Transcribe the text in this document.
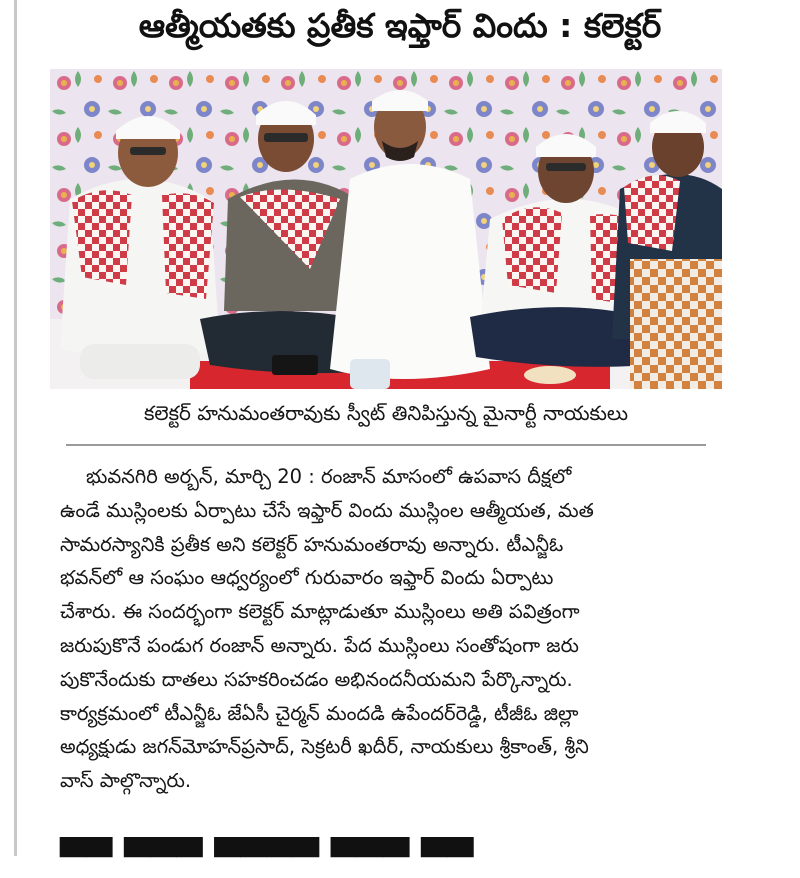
ఆత్మీయతకు ప్రతీక ఇఫ్తార్ విందు : కలెక్టర్
కలెక్టర్ హనుమంతరావుకు స్వీట్ తినిపిస్తున్న మైనార్టీ నాయకులు
భువనగిరి అర్బన్, మార్చి 20 : రంజాన్ మాసంలో ఉపవాస దీక్షలో
ఉండే ముస్లింలకు ఏర్పాటు చేసే ఇఫ్తార్ విందు ముస్లింల ఆత్మీయత, మత
సామరస్యానికి ప్రతీక అని కలెక్టర్ హనుమంతరావు అన్నారు. టీఎన్జీఓ
భవన్‌లో ఆ సంఘం ఆధ్వర్యంలో గురువారం ఇఫ్తార్ విందు ఏర్పాటు
చేశారు. ఈ సందర్భంగా కలెక్టర్ మాట్లాడుతూ ముస్లింలు అతి పవిత్రంగా
జరుపుకొనే పండుగ రంజాన్ అన్నారు. పేద ముస్లింలు సంతోషంగా జరు
పుకొనేందుకు దాతలు సహకరించడం అభినందనీయమని పేర్కొన్నారు.
కార్యక్రమంలో టీఎన్జీఓ జేఏసీ చైర్మన్ మందడి ఉపేందర్‌రెడ్డి, టీజీఓ జిల్లా
అధ్యక్షుడు జగన్‌మోహన్‌ప్రసాద్, సెక్రటరీ ఖదీర్, నాయకులు శ్రీకాంత్, శ్రీని
వాస్ పాల్గొన్నారు.
▀▀ ▀▀▀ ▀▀▀▀ ▀▀▀ ▀▀
